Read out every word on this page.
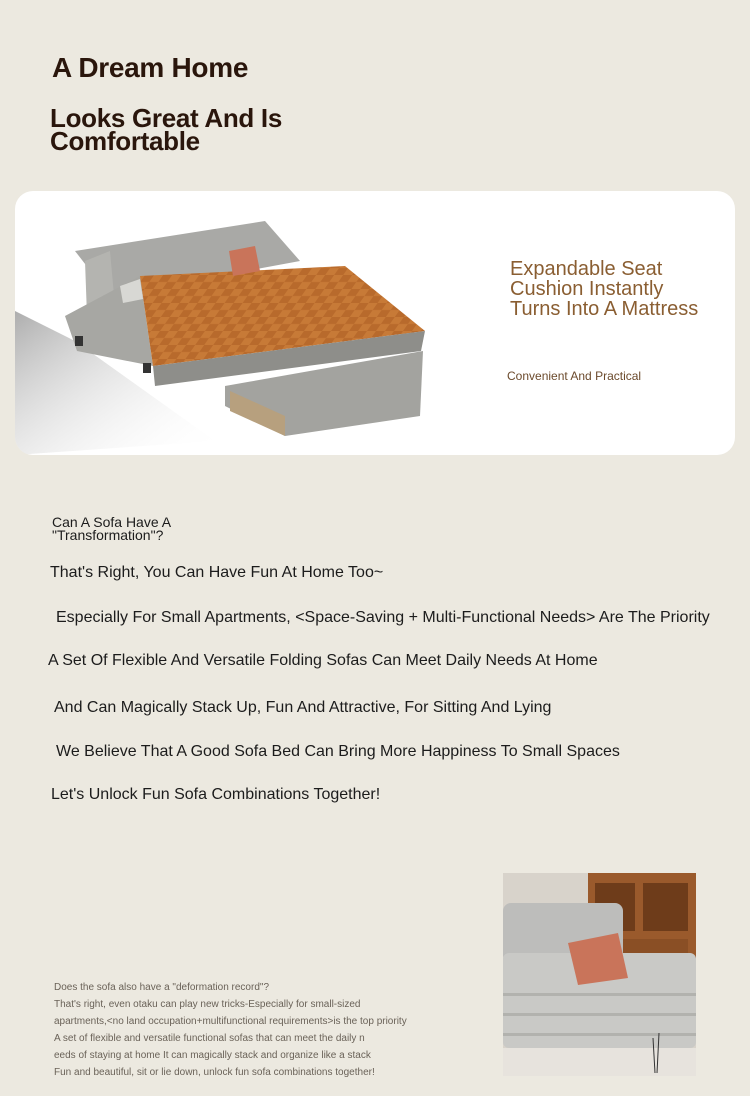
A Dream Home
Looks Great And Is Comfortable
Expandable Seat Cushion Instantly Turns Into A Mattress
Convenient And Practical
Can A Sofa Have A "Transformation"?
That's Right, You Can Have Fun At Home Too~
Especially For Small Apartments, <Space-Saving + Multi-Functional Needs> Are The Priority
A Set Of Flexible And Versatile Folding Sofas Can Meet Daily Needs At Home
And Can Magically Stack Up, Fun And Attractive, For Sitting And Lying
We Believe That A Good Sofa Bed Can Bring More Happiness To Small Spaces
Let's Unlock Fun Sofa Combinations Together!
Does the sofa also have a "deformation record"?
That's right, even otaku can play new tricks-Especially for small-sized
apartments,<no land occupation+multifunctional requirements>is the top priority
A set of flexible and versatile functional sofas that can meet the daily n
eeds of staying at home It can magically stack and organize like a stack
Fun and beautiful, sit or lie down, unlock fun sofa combinations together!
